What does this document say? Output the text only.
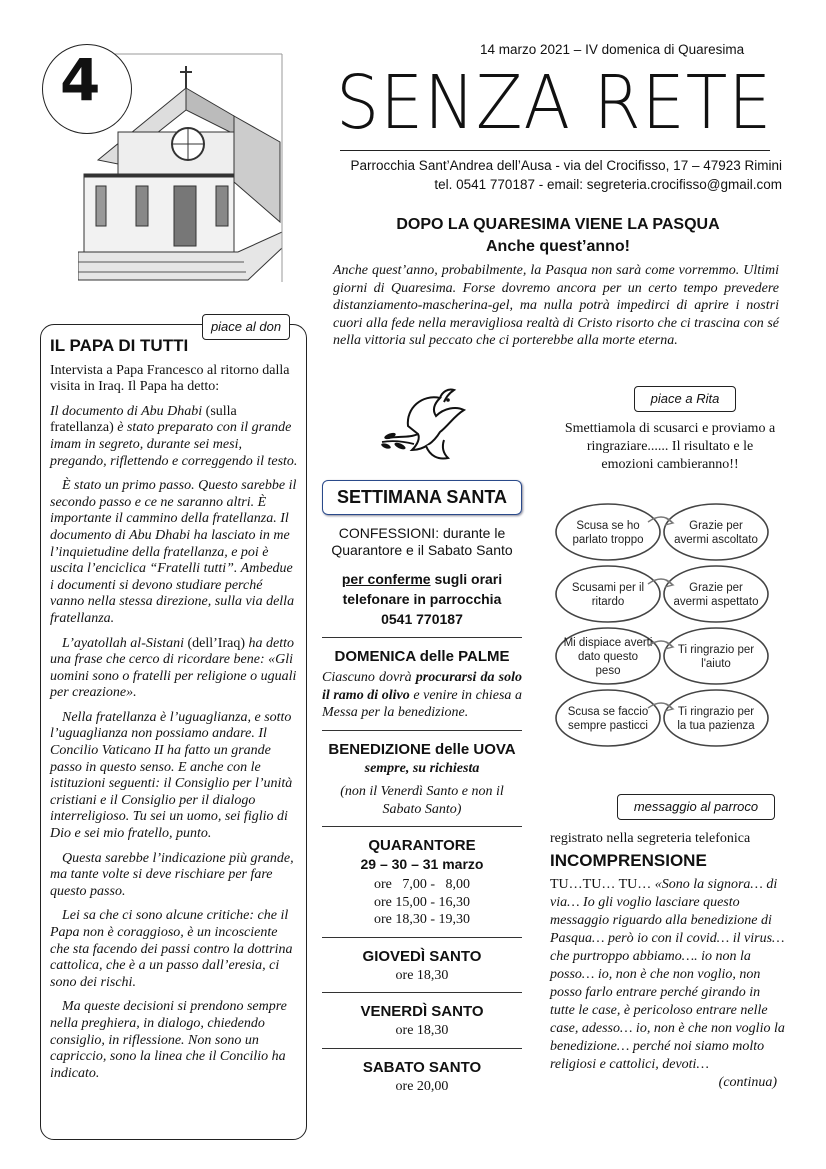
4	14 marzo 2021 – IV domenica di Quaresima
SENZA RETE
Parrocchia Sant’Andrea dell’Ausa - via del Crocifisso, 17 – 47923 Rimini
tel. 0541 770187 - email: segreteria.crocifisso@gmail.com
DOPO LA QUARESIMA VIENE LA PASQUA
Anche quest’anno!
Anche quest’anno, probabilmente, la Pasqua non sarà come vorremmo. Ultimi giorni di Quaresima. Forse dovremo ancora per un certo tempo prevedere distanziamento-mascherina-gel, ma nulla potrà impedirci di aprire i nostri cuori alla fede nella meravigliosa realtà di Cristo risorto che ci trascina con sé nella vittoria sul peccato che ci porterebbe alla morte eterna.
piace al don
IL PAPA DI TUTTI

Intervista a Papa Francesco al ritorno dalla visita in Iraq. Il Papa ha detto:

Il documento di Abu Dhabi (sulla fratellanza) è stato preparato con il grande imam in segreto, durante sei mesi, pregando, riflettendo e correggendo il testo.

È stato un primo passo. Questo sarebbe il secondo passo e ce ne saranno altri. È importante il cammino della fratellanza. Il documento di Abu Dhabi ha lasciato in me l’inquietudine della fratellanza, e poi è uscita l’enciclica “Fratelli tutti”. Ambedue i documenti si devono studiare perché vanno nella stessa direzione, sulla via della fratellanza.

L’ayatollah al-Sistani (dell’Iraq) ha detto una frase che cerco di ricordare bene: «Gli uomini sono o fratelli per religione o uguali per creazione».

Nella fratellanza è l’uguaglianza, e sotto l’uguaglianza non possiamo andare. Il Concilio Vaticano II ha fatto un grande passo in questo senso. E anche con le istituzioni seguenti: il Consiglio per l’unità cristiani e il Consiglio per il dialogo interreligioso. Tu sei un uomo, sei figlio di Dio e sei mio fratello, punto.

Questa sarebbe l’indicazione più grande, ma tante volte si deve rischiare per fare questo passo.

Lei sa che ci sono alcune critiche: che il Papa non è coraggioso, è un incosciente che sta facendo dei passi contro la dottrina cattolica, che è a un passo dall’eresia, ci sono dei rischi.

Ma queste decisioni si prendono sempre nella preghiera, in dialogo, chiedendo consiglio, in riflessione. Non sono un capriccio, sono la linea che il Concilio ha indicato.

SETTIMANA SANTA
CONFESSIONI: durante le Quarantore e il Sabato Santo
per conferme sugli orari telefonare in parrocchia
0541 770187
DOMENICA delle PALME
Ciascuno dovrà procurarsi da solo il ramo di olivo e venire in chiesa a Messa per la benedizione.
BENEDIZIONE delle UOVA
sempre, su richiesta
(non il Venerdì Santo e non il Sabato Santo)
QUARANTORE
29 – 30 – 31 marzo
ore   7,00 -   8,00
ore 15,00 - 16,30
ore 18,30 - 19,30
GIOVEDÌ SANTO
ore 18,30
VENERDÌ SANTO
ore 18,30
SABATO SANTO
ore 20,00
piace a Rita
Smettiamola di scusarci e proviamo a ringraziare...... Il risultato e le emozioni cambieranno!!
Scusa se ho
parlato troppo
Grazie per
avermi ascoltato
Scusami per il
ritardo
Grazie per
avermi aspettato
Mi dispiace averti
dato questo
peso
Ti ringrazio per
l'aiuto
Scusa se faccio
sempre pasticci
Ti ringrazio per
la tua pazienza
messaggio al parroco
registrato nella segreteria telefonica
INCOMPRENSIONE
TU…TU… TU… «Sono la signora… di via… Io gli voglio lasciare questo messaggio riguardo alla benedizione di Pasqua… però io con il covid… il virus… che purtroppo abbiamo…. io non la posso… io, non è che non voglio, non posso farlo entrare perché girando in tutte le case, è pericoloso entrare nelle case, adesso… io, non è che non voglio la benedizione… perché noi siamo molto religiosi e cattolici, devoti…
(continua)
